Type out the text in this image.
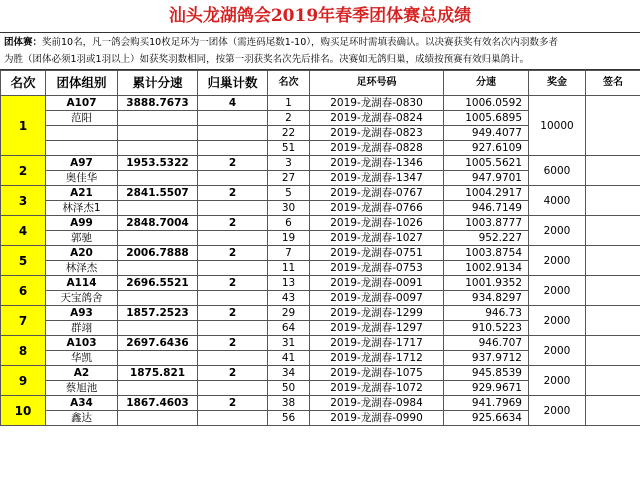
汕头龙湖鸽会2019年春季团体赛总成绩
团体赛：奖前10名，凡一鸽会购买10枚足环为一团体（需连码尾数1-10），购买足环时需填表确认。以决赛获奖有效名次内羽数多者
为胜（团体必须1羽或1羽以上）如获奖羽数相同，按第一羽获奖名次先后排名。决赛如无鸽归巢，成绩按预赛有效归巢鸽计。
名次	团体组别	累计分速	归巢计数	名次	足环号码	分速	奖金	签名
1	A107	3888.7673	4	1	2019-龙湖春-0830	1006.0592	10000	
	范阳			2	2019-龙湖春-0824	1005.6895		
				22	2019-龙湖春-0823	949.4077		
				51	2019-龙湖春-0828	927.6109		
2	A97	1953.5322	2	3	2019-龙湖春-1346	1005.5621	6000	
	奥佳华			27	2019-龙湖春-1347	947.9701		
3	A21	2841.5507	2	5	2019-龙湖春-0767	1004.2917	4000	
	林泽杰1			30	2019-龙湖春-0766	946.7149		
4	A99	2848.7004	2	6	2019-龙湖春-1026	1003.8777	2000	
	郭驰			19	2019-龙湖春-1027	952.227		
5	A20	2006.7888	2	7	2019-龙湖春-0751	1003.8754	2000	
	林泽杰			11	2019-龙湖春-0753	1002.9134		
6	A114	2696.5521	2	13	2019-龙湖春-0091	1001.9352	2000	
	天宝鸽舍			43	2019-龙湖春-0097	934.8297		
7	A93	1857.2523	2	29	2019-龙湖春-1299	946.73	2000	
	群翊			64	2019-龙湖春-1297	910.5223		
8	A103	2697.6436	2	31	2019-龙湖春-1717	946.707	2000	
	华凯			41	2019-龙湖春-1712	937.9712		
9	A2	1875.821	2	34	2019-龙湖春-1075	945.8539	2000	
	蔡旭池			50	2019-龙湖春-1072	929.9671		
10	A34	1867.4603	2	38	2019-龙湖春-0984	941.7969	2000	
	鑫达			56	2019-龙湖春-0990	925.6634		
